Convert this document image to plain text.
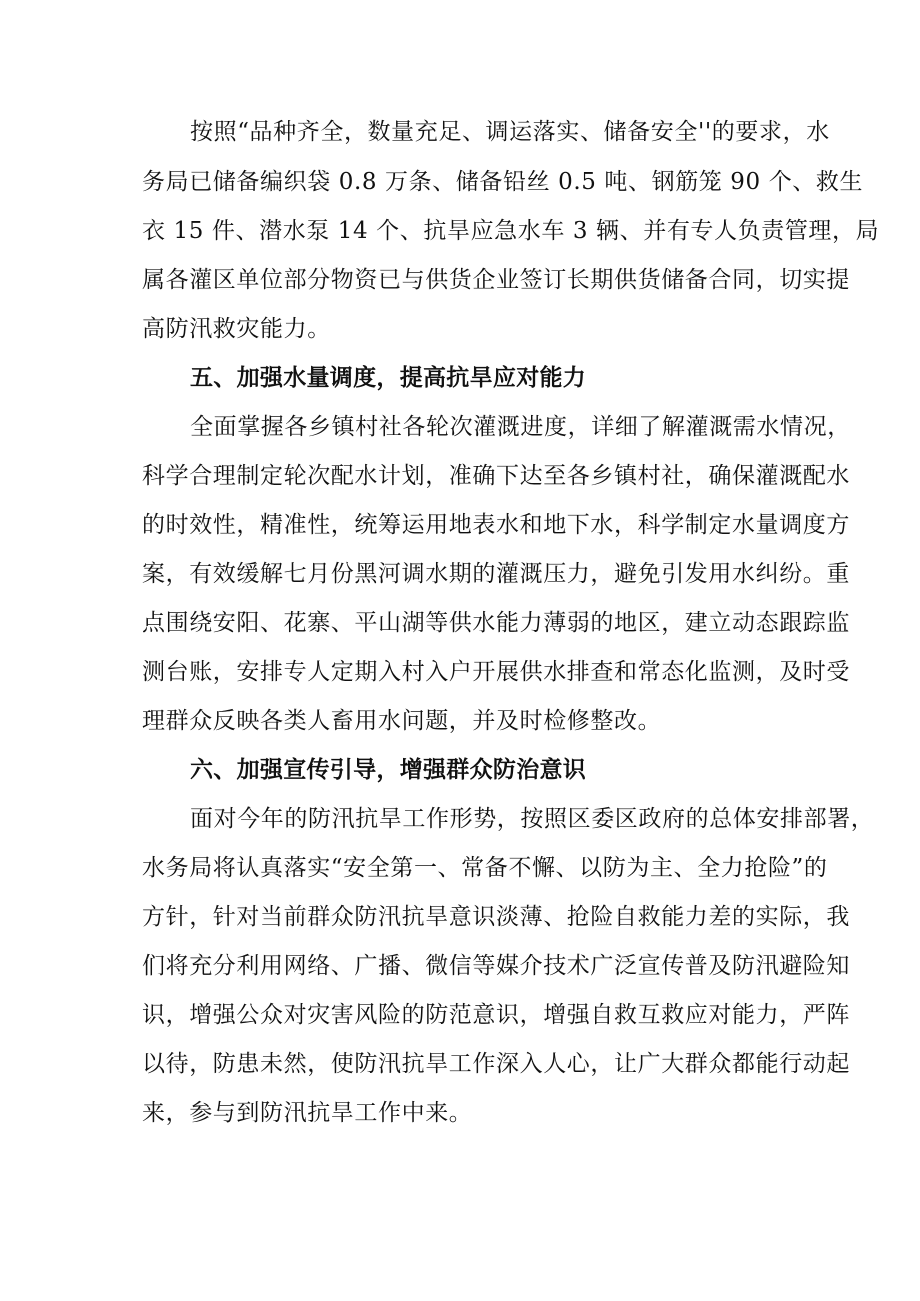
按照“品种齐全，数量充足、调运落实、储备安全''的要求，水

务局已储备编织袋 0.8 万条、储备铅丝 0.5 吨、钢筋笼 90 个、救生

衣 15 件、潜水泵 14 个、抗旱应急水车 3 辆、并有专人负责管理，局

属各灌区单位部分物资已与供货企业签订长期供货储备合同，切实提

高防汛救灾能力。

五、加强水量调度，提高抗旱应对能力

全面掌握各乡镇村社各轮次灌溉进度，详细了解灌溉需水情况，

科学合理制定轮次配水计划，准确下达至各乡镇村社，确保灌溉配水

的时效性，精准性，统筹运用地表水和地下水，科学制定水量调度方

案，有效缓解七月份黑河调水期的灌溉压力，避免引发用水纠纷。重

点围绕安阳、花寨、平山湖等供水能力薄弱的地区，建立动态跟踪监

测台账，安排专人定期入村入户开展供水排查和常态化监测，及时受

理群众反映各类人畜用水问题，并及时检修整改。

六、加强宣传引导，增强群众防治意识

面对今年的防汛抗旱工作形势，按照区委区政府的总体安排部署，

水务局将认真落实“安全第一、常备不懈、以防为主、全力抢险”的

方针，针对当前群众防汛抗旱意识淡薄、抢险自救能力差的实际，我

们将充分利用网络、广播、微信等媒介技术广泛宣传普及防汛避险知

识，增强公众对灾害风险的防范意识，增强自救互救应对能力，严阵

以待，防患未然，使防汛抗旱工作深入人心，让广大群众都能行动起

来，参与到防汛抗旱工作中来。
